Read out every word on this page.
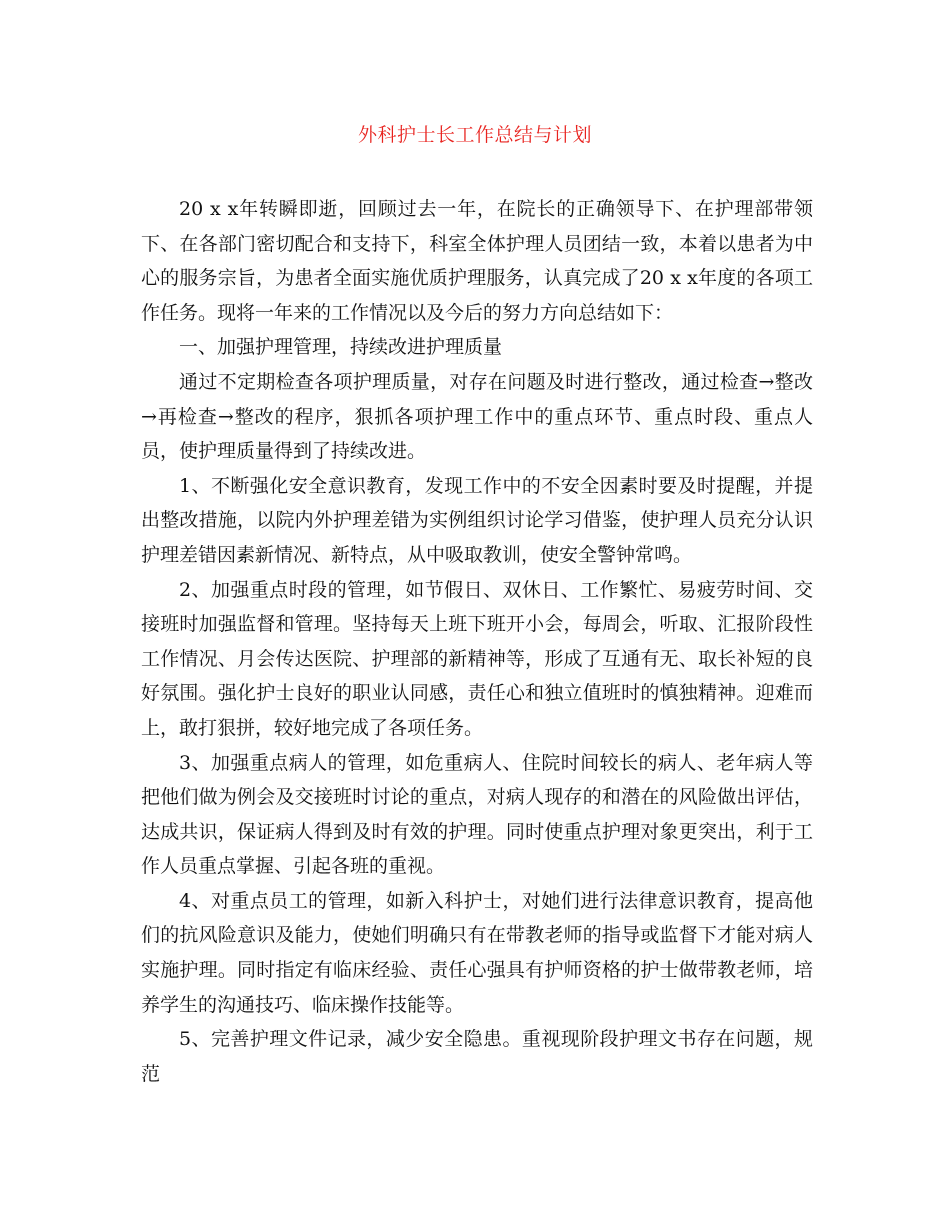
外科护士长工作总结与计划

20 x x年转瞬即逝，回顾过去一年，在院长的正确领导下、在护理部带领下、在各部门密切配合和支持下，科室全体护理人员团结一致，本着以患者为中心的服务宗旨，为患者全面实施优质护理服务，认真完成了20 x x年度的各项工作任务。现将一年来的工作情况以及今后的努力方向总结如下：

一、加强护理管理，持续改进护理质量

通过不定期检查各项护理质量，对存在问题及时进行整改，通过检查→整改→再检查→整改的程序，狠抓各项护理工作中的重点环节、重点时段、重点人员，使护理质量得到了持续改进。

1、不断强化安全意识教育，发现工作中的不安全因素时要及时提醒，并提出整改措施，以院内外护理差错为实例组织讨论学习借鉴，使护理人员充分认识护理差错因素新情况、新特点，从中吸取教训，使安全警钟常鸣。

2、加强重点时段的管理，如节假日、双休日、工作繁忙、易疲劳时间、交接班时加强监督和管理。坚持每天上班下班开小会，每周会，听取、汇报阶段性工作情况、月会传达医院、护理部的新精神等，形成了互通有无、取长补短的良好氛围。强化护士良好的职业认同感，责任心和独立值班时的慎独精神。迎难而上，敢打狠拼，较好地完成了各项任务。

3、加强重点病人的管理，如危重病人、住院时间较长的病人、老年病人等把他们做为例会及交接班时讨论的重点，对病人现存的和潜在的风险做出评估，达成共识，保证病人得到及时有效的护理。同时使重点护理对象更突出，利于工作人员重点掌握、引起各班的重视。

4、对重点员工的管理，如新入科护士，对她们进行法律意识教育，提高他们的抗风险意识及能力，使她们明确只有在带教老师的指导或监督下才能对病人实施护理。同时指定有临床经验、责任心强具有护师资格的护士做带教老师，培养学生的沟通技巧、临床操作技能等。

5、完善护理文件记录，减少安全隐患。重视现阶段护理文书存在问题，规范
